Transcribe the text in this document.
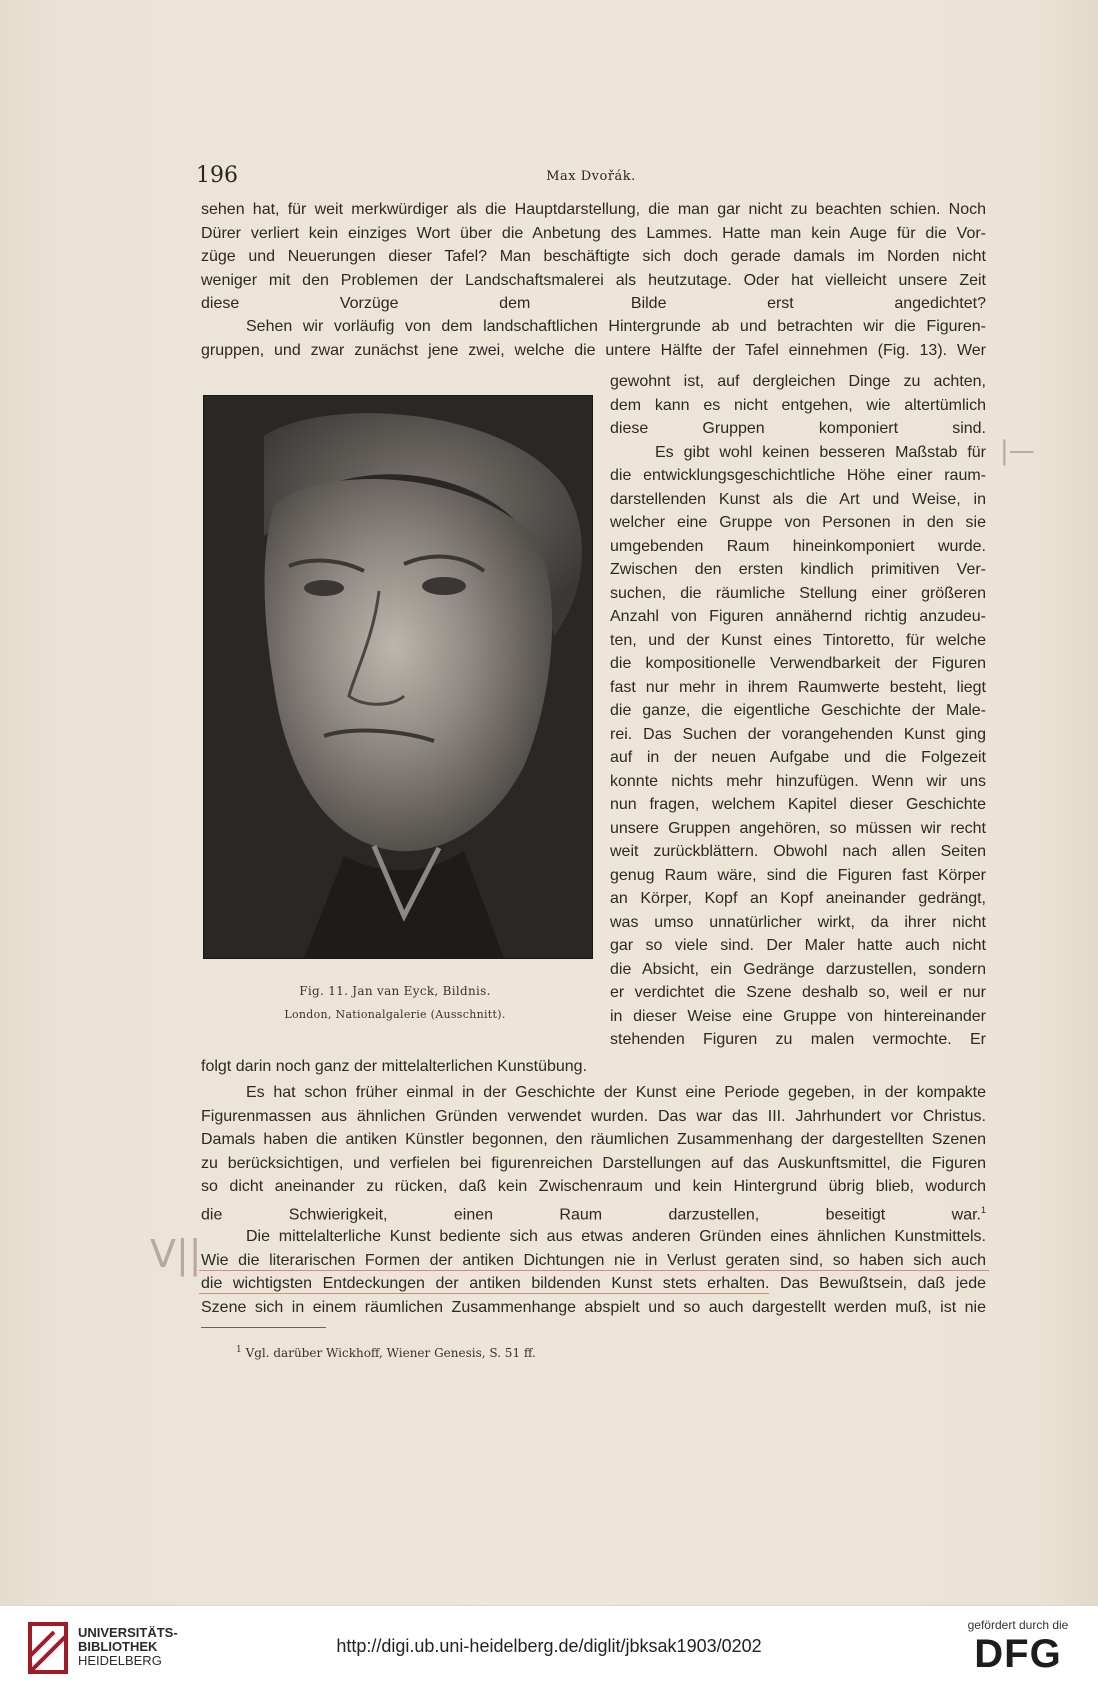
196	Max Dvořák.
sehen hat, für weit merkwürdiger als die Hauptdarstellung, die man gar nicht zu beachten schien. Noch
Dürer verliert kein einziges Wort über die Anbetung des Lammes. Hatte man kein Auge für die Vor-
züge und Neuerungen dieser Tafel? Man beschäftigte sich doch gerade damals im Norden nicht
weniger mit den Problemen der Landschaftsmalerei als heutzutage. Oder hat vielleicht unsere Zeit
diese Vorzüge dem Bilde erst angedichtet?
Sehen wir vorläufig von dem landschaftlichen Hintergrunde ab und betrachten wir die Figuren-
gruppen, und zwar zunächst jene zwei, welche die untere Hälfte der Tafel einnehmen (Fig. 13). Wer
Fig. 11. Jan van Eyck, Bildnis.
London, Nationalgalerie (Ausschnitt).
gewohnt ist, auf dergleichen Dinge zu achten,
dem kann es nicht entgehen, wie altertümlich
diese Gruppen komponiert sind.
Es gibt wohl keinen besseren Maßstab für
die entwicklungsgeschichtliche Höhe einer raum-
darstellenden Kunst als die Art und Weise, in
welcher eine Gruppe von Personen in den sie
umgebenden Raum hineinkomponiert wurde.
Zwischen den ersten kindlich primitiven Ver-
suchen, die räumliche Stellung einer größeren
Anzahl von Figuren annähernd richtig anzudeu-
ten, und der Kunst eines Tintoretto, für welche
die kompositionelle Verwendbarkeit der Figuren
fast nur mehr in ihrem Raumwerte besteht, liegt
die ganze, die eigentliche Geschichte der Male-
rei. Das Suchen der vorangehenden Kunst ging
auf in der neuen Aufgabe und die Folgezeit
konnte nichts mehr hinzufügen. Wenn wir uns
nun fragen, welchem Kapitel dieser Geschichte
unsere Gruppen angehören, so müssen wir recht
weit zurückblättern. Obwohl nach allen Seiten
genug Raum wäre, sind die Figuren fast Körper
an Körper, Kopf an Kopf aneinander gedrängt,
was umso unnatürlicher wirkt, da ihrer nicht
gar so viele sind. Der Maler hatte auch nicht
die Absicht, ein Gedränge darzustellen, sondern
er verdichtet die Szene deshalb so, weil er nur
in dieser Weise eine Gruppe von hintereinander
stehenden Figuren zu malen vermochte. Er
folgt darin noch ganz der mittelalterlichen Kunstübung.
Es hat schon früher einmal in der Geschichte der Kunst eine Periode gegeben, in der kompakte
Figurenmassen aus ähnlichen Gründen verwendet wurden. Das war das III. Jahrhundert vor Christus.
Damals haben die antiken Künstler begonnen, den räumlichen Zusammenhang der dargestellten Szenen
zu berücksichtigen, und verfielen bei figurenreichen Darstellungen auf das Auskunftsmittel, die Figuren
so dicht aneinander zu rücken, daß kein Zwischenraum und kein Hintergrund übrig blieb, wodurch
die Schwierigkeit, einen Raum darzustellen, beseitigt war.$^1$
Die mittelalterliche Kunst bediente sich aus etwas anderen Gründen eines ähnlichen Kunstmittels.
Wie die literarischen Formen der antiken Dichtungen nie in Verlust geraten sind, so haben sich auch
die wichtigsten Entdeckungen der antiken bildenden Kunst stets erhalten. Das Bewußtsein, daß jede
Szene sich in einem räumlichen Zusammenhange abspielt und so auch dargestellt werden muß, ist nie
V||
|—
$^1$ Vgl. darüber Wickhoff, Wiener Genesis, S. 51 ff.
UNIVERSITÄTS-
BIBLIOTHEK
HEIDELBERG
http://digi.ub.uni-heidelberg.de/diglit/jbksak1903/0202
gefördert durch die
DFG
